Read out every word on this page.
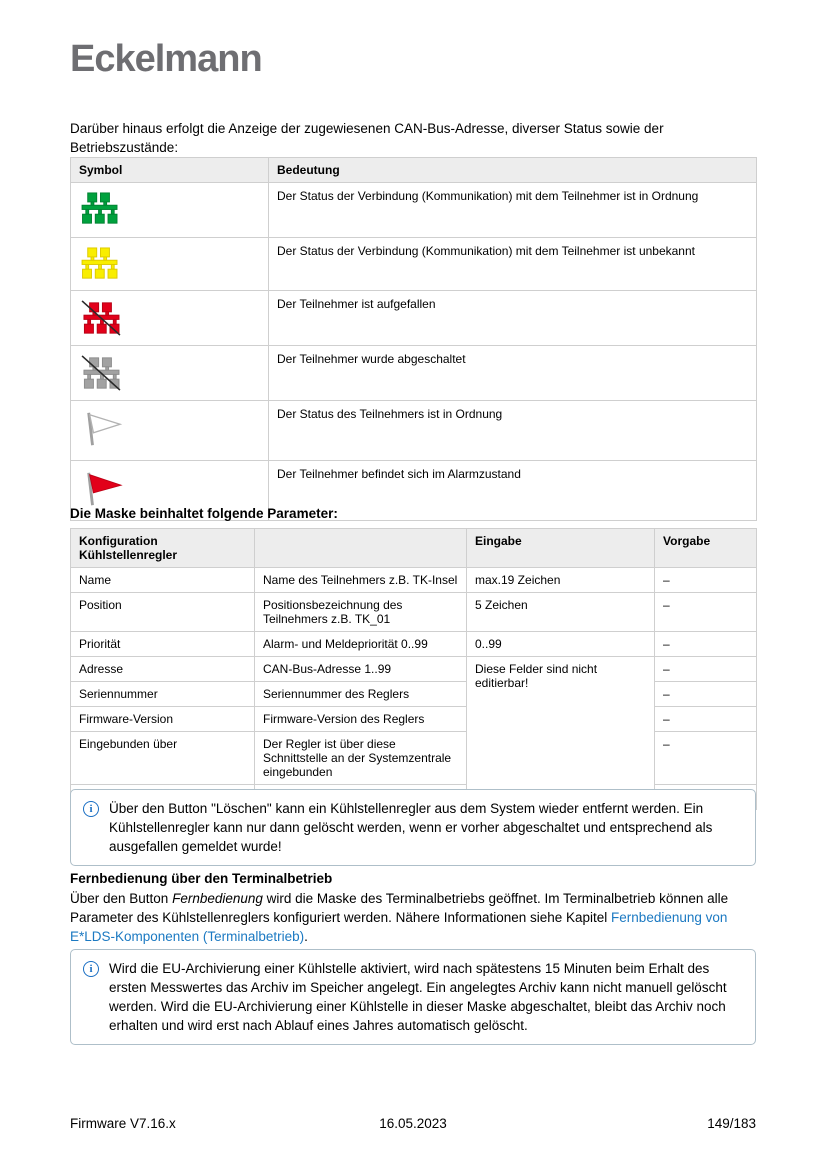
Eckelmann
Darüber hinaus erfolgt die Anzeige der zugewiesenen CAN-Bus-Adresse, diverser Status sowie der Betriebszustände:
Symbol	Bedeutung

	Der Status der Verbindung (Kommunikation) mit dem Teilnehmer ist in Ordnung

	Der Status der Verbindung (Kommunikation) mit dem Teilnehmer ist unbekannt

	Der Teilnehmer ist aufgefallen

	Der Teilnehmer wurde abgeschaltet
	Der Status des Teilnehmers ist in Ordnung
	Der Teilnehmer befindet sich im Alarmzustand
Die Maske beinhaltet folgende Parameter:
Konfiguration Kühlstellenregler		Eingabe	Vorgabe
Name	Name des Teilnehmers z.B. TK-Insel	max.19 Zeichen	–
Position	Positionsbezeichnung des Teilnehmers z.B. TK_01	5 Zeichen	–
Priorität	Alarm- und Meldepriorität 0..99	0..99	–
Adresse	CAN-Bus-Adresse 1..99	Diese Felder sind nicht editierbar!	–
Seriennummer	Seriennummer des Reglers		–
Firmware-Version	Firmware-Version des Reglers		–
Eingebunden über	Der Regler ist über diese Schnittstelle an der Systemzentrale eingebunden		–

i	Über den Button "Löschen" kann ein Kühlstellenregler aus dem System wieder entfernt werden. Ein Kühlstellenregler kann nur dann gelöscht werden, wenn er vorher abgeschaltet und entsprechend als ausgefallen gemeldet wurde!
Fernbedienung über den Terminalbetrieb
Über den Button Fernbedienung wird die Maske des Terminalbetriebs geöffnet. Im Terminalbetrieb können alle Parameter des Kühlstellenreglers konfiguriert werden. Nähere Informationen siehe Kapitel Fernbedienung von E*LDS-Komponenten (Terminalbetrieb).
i	Wird die EU-Archivierung einer Kühlstelle aktiviert, wird nach spätestens 15 Minuten beim Erhalt des ersten Messwertes das Archiv im Speicher angelegt. Ein angelegtes Archiv kann nicht manuell gelöscht werden. Wird die EU-Archivierung einer Kühlstelle in dieser Maske abgeschaltet, bleibt das Archiv noch erhalten und wird erst nach Ablauf eines Jahres automatisch gelöscht.
Firmware V7.16.x	16.05.2023	149/183
